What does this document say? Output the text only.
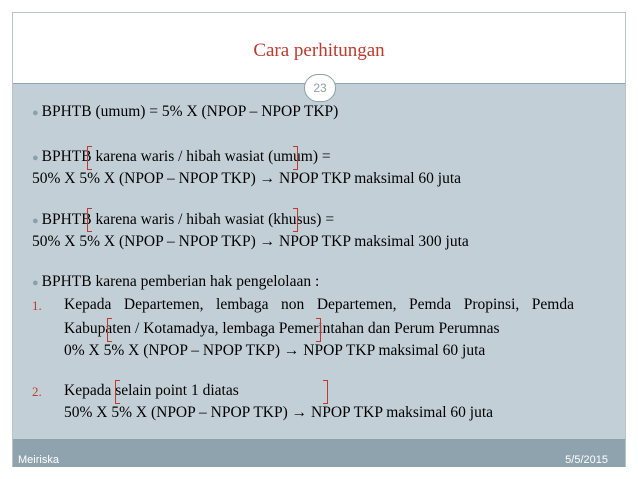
Cara perhitungan
23
● BPHTB (umum) = 5% X (NPOP – NPOP TKP)
● BPHTB karena waris / hibah wasiat (umum) =
50% X 5% X (NPOP – NPOP TKP) → NPOP TKP maksimal 60 juta
● BPHTB karena waris / hibah wasiat (khusus) =
50% X 5% X (NPOP – NPOP TKP) → NPOP TKP maksimal 300 juta
● BPHTB karena pemberian hak pengelolaan :
1. Kepada Departemen, lembaga non Departemen, Pemda Propinsi, Pemda
Kabupaten / Kotamadya, lembaga Pemerintahan dan Perum Perumnas
0% X 5% X (NPOP – NPOP TKP) → NPOP TKP maksimal 60 juta
2. Kepada selain point 1 diatas
50% X 5% X (NPOP – NPOP TKP) → NPOP TKP maksimal 60 juta
Meiriska	5/5/2015
